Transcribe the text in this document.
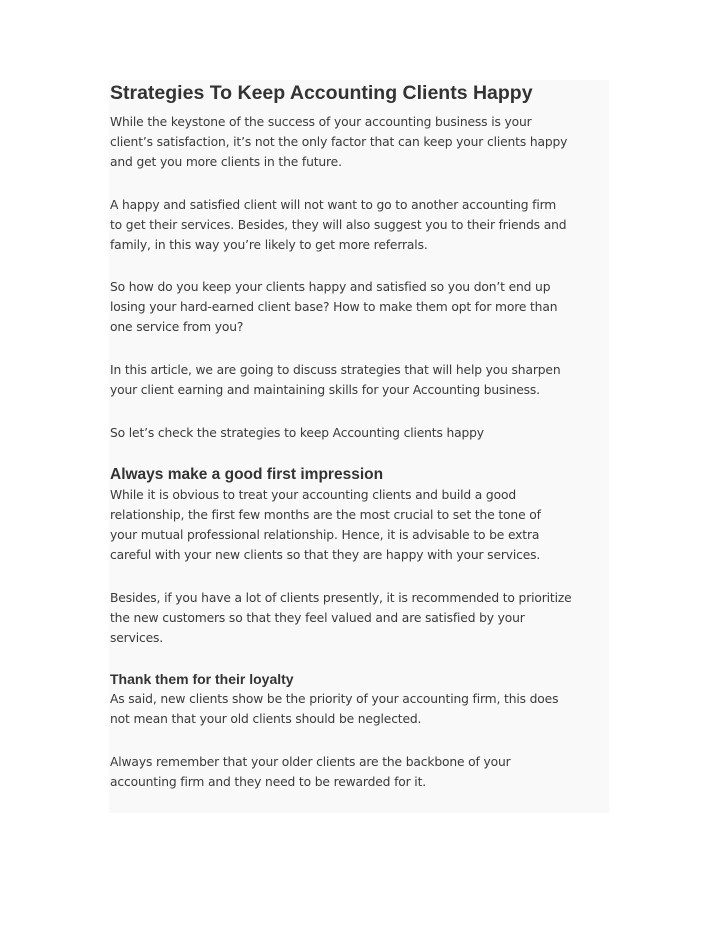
Strategies To Keep Accounting Clients Happy

While the keystone of the success of your accounting business is your
client’s satisfaction, it’s not the only factor that can keep your clients happy
and get you more clients in the future.

A happy and satisfied client will not want to go to another accounting firm
to get their services. Besides, they will also suggest you to their friends and
family, in this way you’re likely to get more referrals.

So how do you keep your clients happy and satisfied so you don’t end up
losing your hard-earned client base? How to make them opt for more than
one service from you?

In this article, we are going to discuss strategies that will help you sharpen
your client earning and maintaining skills for your Accounting business.

So let’s check the strategies to keep Accounting clients happy

Always make a good first impression

While it is obvious to treat your accounting clients and build a good
relationship, the first few months are the most crucial to set the tone of
your mutual professional relationship. Hence, it is advisable to be extra
careful with your new clients so that they are happy with your services.

Besides, if you have a lot of clients presently, it is recommended to prioritize
the new customers so that they feel valued and are satisfied by your
services.

Thank them for their loyalty

As said, new clients show be the priority of your accounting firm, this does
not mean that your old clients should be neglected.

Always remember that your older clients are the backbone of your
accounting firm and they need to be rewarded for it.
